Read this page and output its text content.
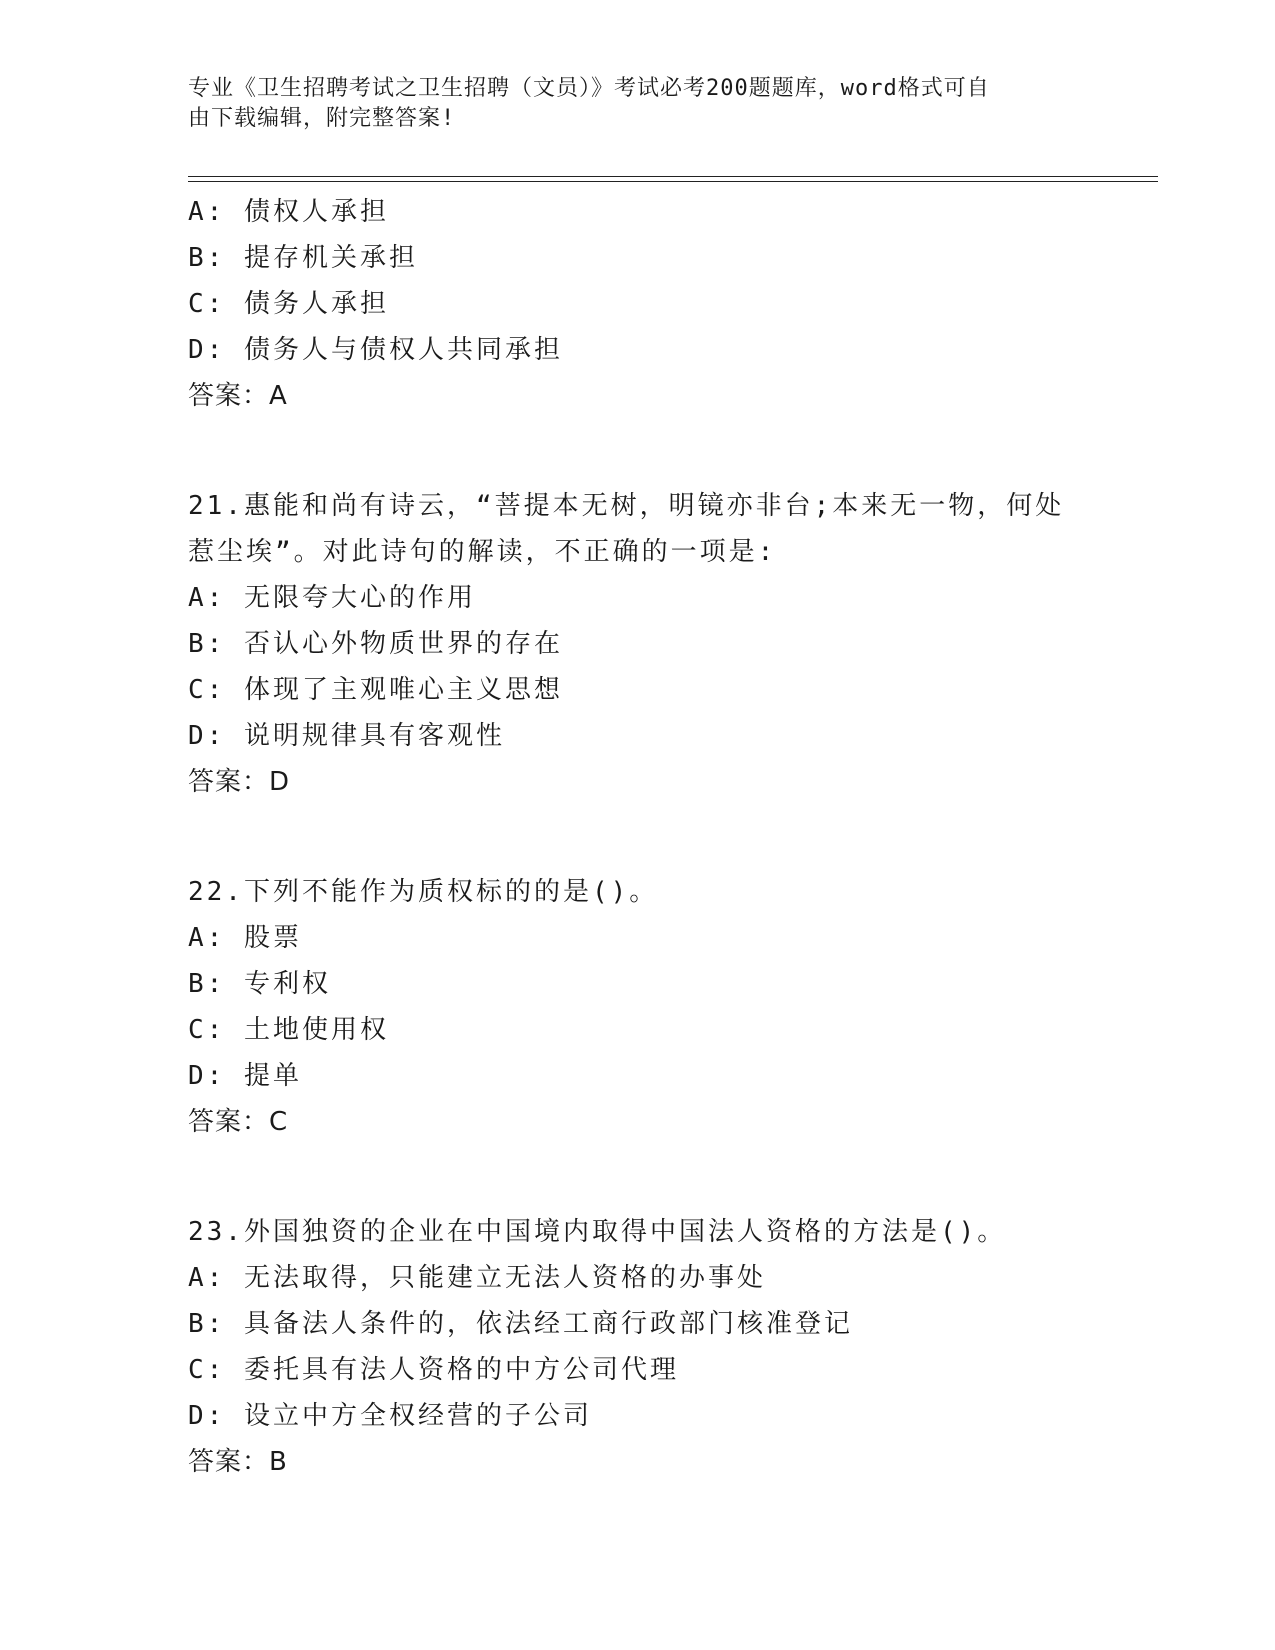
专业《卫生招聘考试之卫生招聘（文员）》考试必考200题题库，word格式可自
由下载编辑，附完整答案!
A: 债权人承担
B: 提存机关承担
C: 债务人承担
D: 债务人与债权人共同承担
答案：A
21.惠能和尚有诗云，“菩提本无树，明镜亦非台;本来无一物，何处
惹尘埃”。对此诗句的解读，不正确的一项是:
A: 无限夸大心的作用
B: 否认心外物质世界的存在
C: 体现了主观唯心主义思想
D: 说明规律具有客观性
答案：D
22.下列不能作为质权标的的是()。
A: 股票
B: 专利权
C: 土地使用权
D: 提单
答案：C
23.外国独资的企业在中国境内取得中国法人资格的方法是()。
A: 无法取得，只能建立无法人资格的办事处
B: 具备法人条件的，依法经工商行政部门核准登记
C: 委托具有法人资格的中方公司代理
D: 设立中方全权经营的子公司
答案：B
